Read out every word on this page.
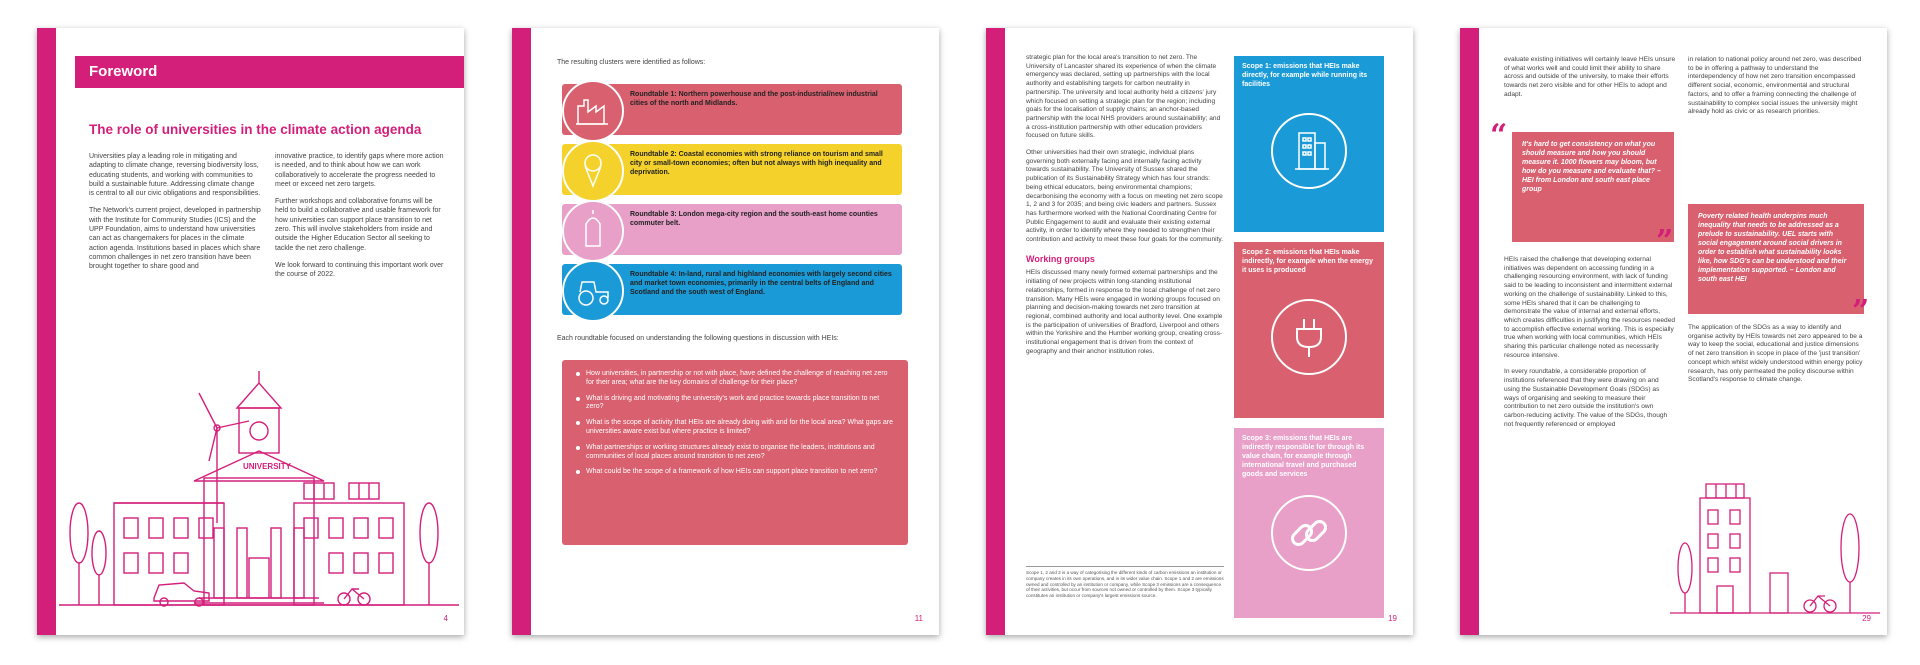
Foreword
The role of universities in the climate action agenda

Universities play a leading role in mitigating and adapting to climate change, reversing biodiversity loss, educating students, and working with communities to build a sustainable future. Addressing climate change is central to all our civic obligations and responsibilities.

The Network's current project, developed in partnership with the Institute for Community Studies (ICS) and the UPP Foundation, aims to understand how universities can act as changemakers for places in the climate action agenda. Institutions based in places which share common challenges in net zero transition have been brought together to share good and

innovative practice, to identify gaps where more action is needed, and to think about how we can work collaboratively to accelerate the progress needed to meet or exceed net zero targets.

Further workshops and collaborative forums will be held to build a collaborative and usable framework for how universities can support place transition to net zero. This will involve stakeholders from inside and outside the Higher Education Sector all seeking to tackle the net zero challenge.

We look forward to continuing this important work over the course of 2022.

UNIVERSITY
4
The resulting clusters were identified as follows:
Roundtable 1: Northern powerhouse and the post-industrial/new industrial cities of the north and Midlands.
Roundtable 2: Coastal economies with strong reliance on tourism and small city or small-town economies; often but not always with high inequality and deprivation.
Roundtable 3: London mega-city region and the south-east home counties commuter belt.
Roundtable 4: In-land, rural and highland economies with largely second cities and market town economies, primarily in the central belts of England and Scotland and the south west of England.
Each roundtable focused on understanding the following questions in discussion with HEIs:
How universities, in partnership or not with place, have defined the challenge of reaching net zero for their area; what are the key domains of challenge for their place?
What is driving and motivating the university's work and practice towards place transition to net zero?
What is the scope of activity that HEIs are already doing with and for the local area? What gaps are universities aware exist but where practice is limited?
What partnerships or working structures already exist to organise the leaders, institutions and communities of local places around transition to net zero?
What could be the scope of a framework of how HEIs can support place transition to net zero?
11

strategic plan for the local area's transition to net zero. The University of Lancaster shared its experience of when the climate emergency was declared, setting up partnerships with the local authority and establishing targets for carbon neutrality in partnership. The university and local authority held a citizens' jury which focused on setting a strategic plan for the region; including goals for the localisation of supply chains; an anchor-based partnership with the local NHS providers around sustainability; and a cross-institution partnership with other education providers focused on future skills.

Other universities had their own strategic, individual plans governing both externally facing and internally facing activity towards sustainability. The University of Sussex shared the publication of its Sustainability Strategy which has four strands: being ethical educators, being environmental champions; decarbonising the economy with a focus on meeting net zero scope 1, 2 and 3 for 2035; and being civic leaders and partners. Sussex has furthermore worked with the National Coordinating Centre for Public Engagement to audit and evaluate their existing external activity, in order to identify where they needed to strengthen their contribution and activity to meet these four goals for the community.

Working groups

HEIs discussed many newly formed external partnerships and the initiating of new projects within long-standing institutional relationships, formed in response to the local challenge of net zero transition. Many HEIs were engaged in working groups focused on planning and decision-making towards net zero transition at regional, combined authority and local authority level. One example is the participation of universities of Bradford, Liverpool and others within the Yorkshire and the Humber working group, creating cross-institutional engagement that is driven from the context of geography and their anchor institution roles.

Scope 1, 2 and 3 is a way of categorising the different kinds of carbon emissions an institution or company creates in its own operations, and in its wider value chain. Scope 1 and 2 are emissions owned and controlled by an institution or company, while Scope 3 emissions are a consequence of their activities, but occur from sources not owned or controlled by them. Scope 3 typically constitutes an institution or company's largest emissions source.
Scope 1: emissions that HEIs make directly, for example while running its facilities
Scope 2: emissions that HEIs make indirectly, for example when the energy it uses is produced
Scope 3: emissions that HEIs are indirectly responsible for through its value chain, for example through international travel and purchased goods and services
19
evaluate existing initiatives will certainly leave HEIs unsure of what works well and could limit their ability to share across and outside of the university, to make their efforts towards net zero visible and for other HEIs to adopt and adapt.
“	It's hard to get consistency on what you should measure and how you should measure it. 1000 flowers may bloom, but how do you measure and evaluate that? – HEI from London and south east place group
”

HEIs raised the challenge that developing external initiatives was dependent on accessing funding in a challenging resourcing environment, with lack of funding said to be leading to inconsistent and intermittent external working on the challenge of sustainability. Linked to this, some HEIs shared that it can be challenging to demonstrate the value of internal and external efforts, which creates difficulties in justifying the resources needed to accomplish effective external working. This is especially true when working with local communities, which HEIs sharing this particular challenge noted as necessarily resource intensive.

In every roundtable, a considerable proportion of institutions referenced that they were drawing on and using the Sustainable Development Goals (SDGs) as ways of organising and seeking to measure their contribution to net zero outside the institution's own carbon-reducing activity. The value of the SDGs, though not frequently referenced or employed

in relation to national policy around net zero, was described to be in offering a pathway to understand the interdependency of how net zero transition encompassed different social, economic, environmental and structural factors, and to offer a framing connecting the challenge of sustainability to complex social issues the university might already hold as civic or as research priorities.
Poverty related health underpins much inequality that needs to be addressed as a prelude to sustainability. UEL starts with social engagement around social drivers in order to establish what sustainability looks like, how SDG's can be understood and their implementation supported. – London and south east HEI
”
The application of the SDGs as a way to identify and organise activity by HEIs towards net zero appeared to be a way to keep the social, educational and justice dimensions of net zero transition in scope in place of the 'just transition' concept which whilst widely understood within energy policy research, has only permeated the policy discourse within Scotland's response to climate change.
29
